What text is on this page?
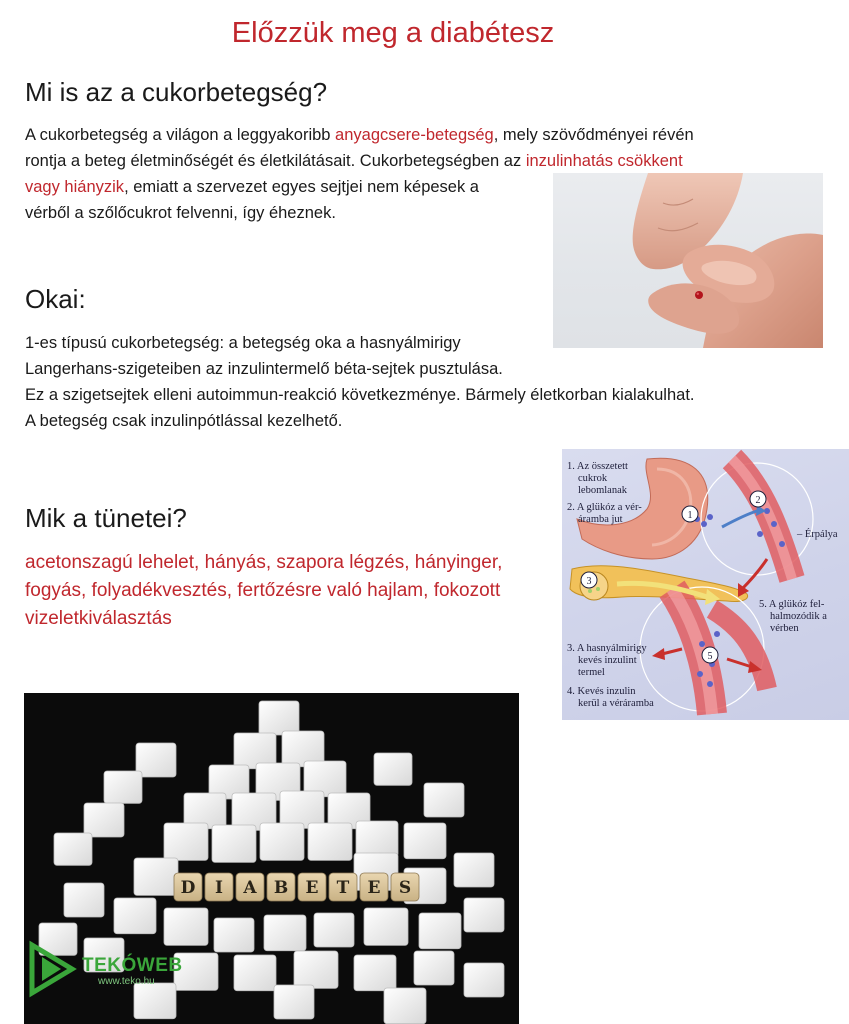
Előzzük meg a diabétesz
Mi is az a cukorbetegség?
A cukorbetegség a világon a leggyakoribb anyagcsere-betegség, mely szövődményei révén
rontja a beteg életminőségét és életkilátásait. Cukorbetegségben az inzulinhatás csökkent
vagy hiányzik, emiatt a szervezet egyes sejtjei nem képesek a
vérből a szőlőcukrot felvenni, így éheznek.
Okai:
1-es típusú cukorbetegség: a betegség oka a hasnyálmirigy
Langerhans-szigeteiben az inzulintermelő béta-sejtek pusztulása.
Ez a szigetsejtek elleni autoimmun-reakció következménye. Bármely életkorban kialakulhat.
A betegség csak inzulinpótlással kezelhető.
Mik a tünetei?
acetonszagú lehelet, hányás, szapora légzés, hányinger,
fogyás, folyadékvesztés, fertőzésre való hajlam, fokozott
vizeletkiválasztás
1
2
3
5
1. Az összetett
cukrok
lebomlanak
2. A glükóz a vér-
áramba jut
– Érpálya
5. A glükóz fel-
halmozódik a
vérben
3. A hasnyálmirigy
kevés inzulint
termel
4. Kevés inzulin
kerül a véráramba
D I A B E T E S
TEKÓWEB
www.teko.hu
